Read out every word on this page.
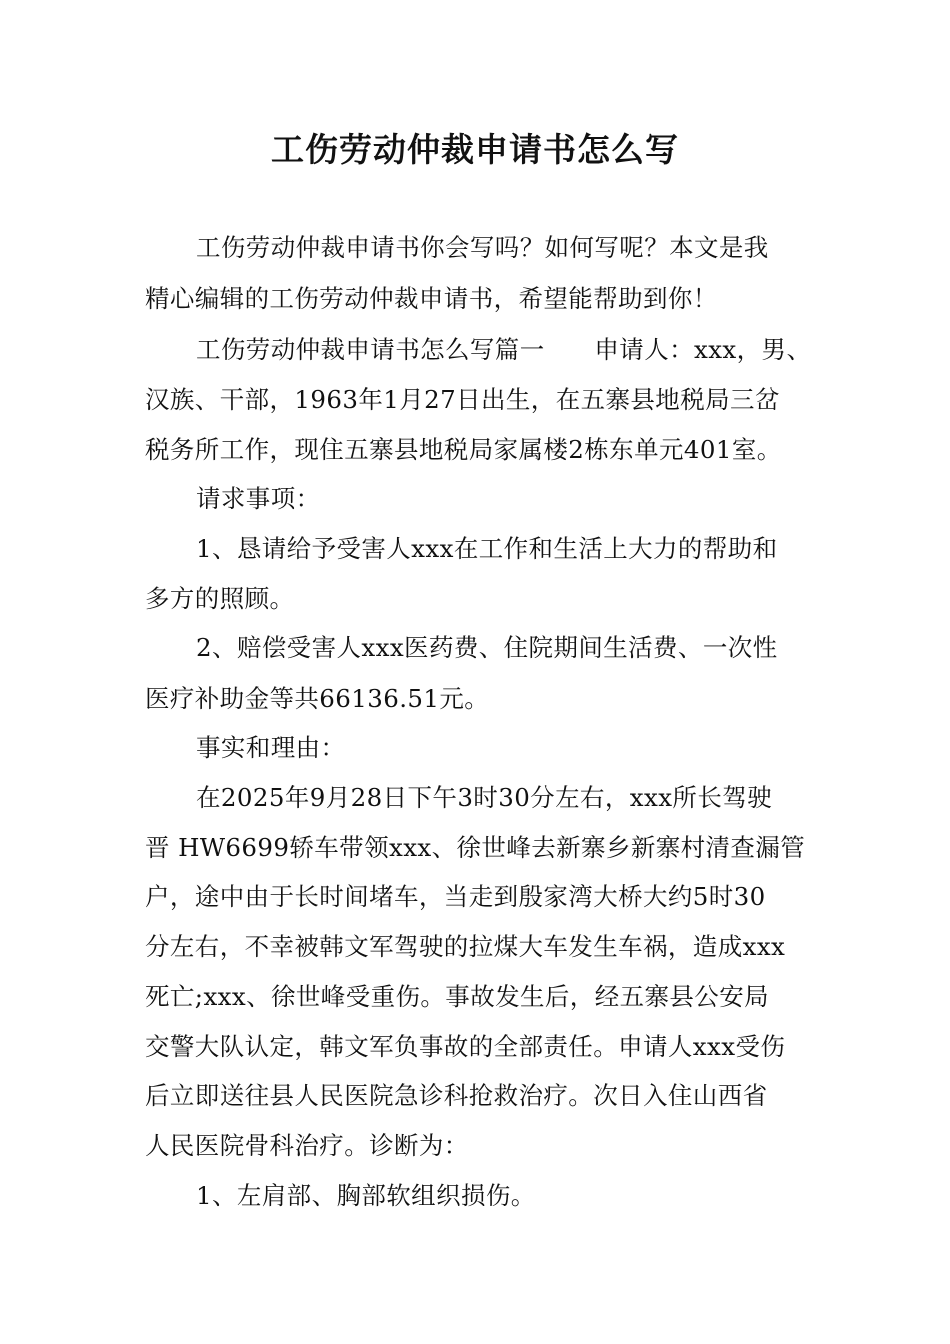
工伤劳动仲裁申请书怎么写
工伤劳动仲裁申请书你会写吗？如何写呢？本文是我
精心编辑的工伤劳动仲裁申请书，希望能帮助到你！
工伤劳动仲裁申请书怎么写篇一　　申请人：xxx，男、
汉族、干部，1963年1月27日出生，在五寨县地税局三岔
税务所工作，现住五寨县地税局家属楼2栋东单元401室。
请求事项：
1、恳请给予受害人xxx在工作和生活上大力的帮助和
多方的照顾。
2、赔偿受害人xxx医药费、住院期间生活费、一次性
医疗补助金等共66136.51元。
事实和理由：
在2025年9月28日下午3时30分左右，xxx所长驾驶
晋 HW6699轿车带领xxx、徐世峰去新寨乡新寨村清查漏管
户，途中由于长时间堵车，当走到殷家湾大桥大约5时30
分左右，不幸被韩文军驾驶的拉煤大车发生车祸，造成xxx
死亡;xxx、徐世峰受重伤。事故发生后，经五寨县公安局
交警大队认定，韩文军负事故的全部责任。申请人xxx受伤
后立即送往县人民医院急诊科抢救治疗。次日入住山西省
人民医院骨科治疗。诊断为：
1、左肩部、胸部软组织损伤。
